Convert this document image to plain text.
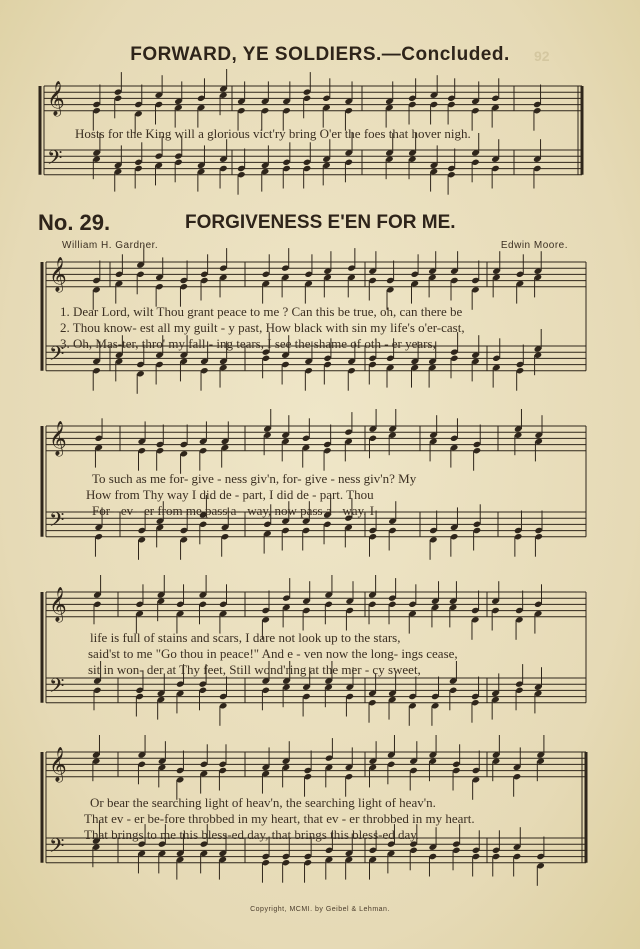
92
FORWARD, YE SOLDIERS.—Concluded.
𝄞
𝄢
𝄞
𝄢
𝄞
𝄢
𝄞
𝄢
𝄞
𝄢
Hosts for the King will a glorious vict'ry bring O'er the foes that hover nigh.
No. 29.	FORGIVENESS E'EN FOR ME.
William H. Gardner.	Edwin Moore.
1. Dear Lord, wilt Thou grant peace to me ? Can this be true, oh, can there be
2. Thou know- est all my guilt - y past, How black with sin my life's o'er-cast,
3. Oh, Mas-ter, thro' my fall - ing tears, I see the shame of oth - er years,
To such as me for- give - ness giv'n, for- give - ness giv'n? My
How from Thy way I did de - part, I did de - part. Thou
For - ev - er from me pass a - way, now pass a - way. I
life is full of stains and scars, I dare not look up to the stars,
said'st to me "Go thou in peace!" And e - ven now the long- ings cease,
sit in won- der at Thy feet, Still wond'ring at the mer - cy sweet,
Or bear the searching light of heav'n, the searching light of heav'n.
That ev - er be-fore throbbed in my heart, that ev - er throbbed in my heart.
That brings to me this bless-ed day, that brings this bless-ed day.
Copyright, MCMI. by Geibel & Lehman.
